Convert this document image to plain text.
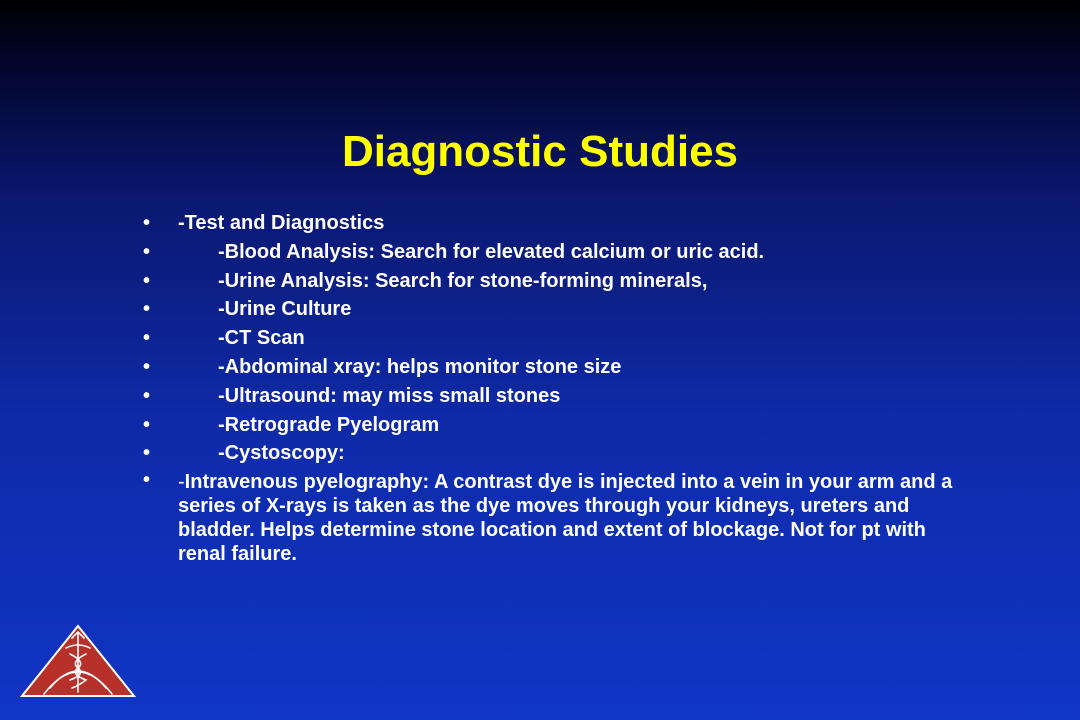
Diagnostic Studies
• -Test and Diagnostics
•	-Blood Analysis: Search for elevated calcium or uric acid.
•	-Urine Analysis: Search for stone-forming minerals,
•	-Urine Culture
•	-CT Scan
•	-Abdominal xray: helps monitor stone size
•	-Ultrasound: may miss small stones
•	-Retrograde Pyelogram
•	-Cystoscopy:
• -Intravenous pyelography: A contrast dye is injected into a vein in your arm and a series of X-rays is taken as the dye moves through your kidneys, ureters and bladder. Helps determine stone location and extent of blockage. Not for pt with renal failure.
